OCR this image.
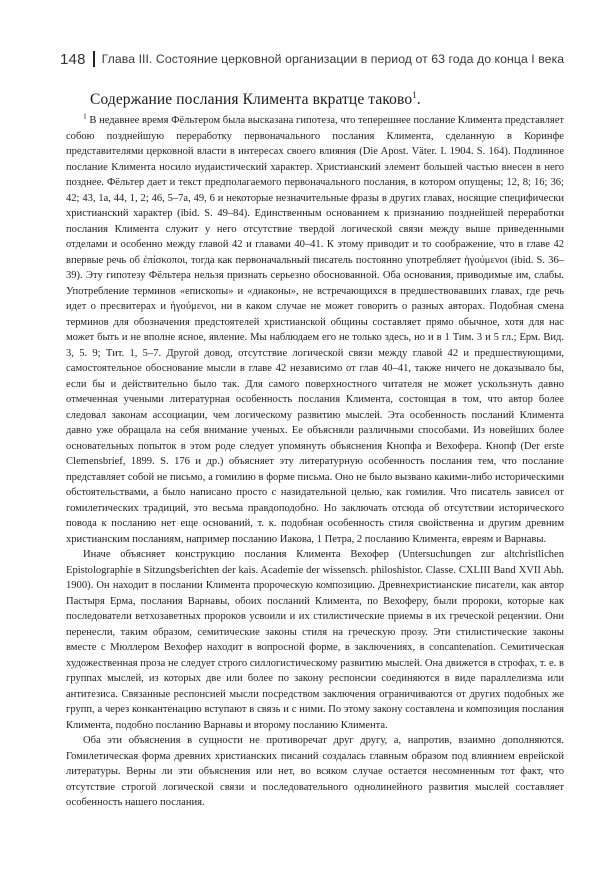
148 Глава III. Состояние церковной организации в период от 63 года до конца I века

Содержание послания Климента вкратце таково$^1$.

$^1$ В недавнее время Фёльтером была высказана гипотеза, что теперешнее послание Климента представляет собою позднейшую переработку первоначального послания Климента, сделанную в Коринфе представителями церковной власти в интересах своего влияния (Die Apost. Väter. I. 1904. S. 164). Подлинное послание Климента носило иудаистический характер. Христианский элемент большей частью внесен в него позднее. Фёльтер дает и текст предполагаемого первоначального послания, в котором опущены; 12, 8; 16; 36; 42; 43, 1а, 44, 1, 2; 46, 5–7а, 49, 6 и некоторые незначительные фразы в других главах, носящие специфически христианский характер (ibid. S. 49–84). Единственным основанием к признанию позднейшей переработки послания Климента служит у него отсутствие твердой логической связи между выше приведенными отделами и особенно между главой 42 и главами 40–41. К этому приводит и то соображение, что в главе 42 впервые речь об ἐπίσκοποι, тогда как первоначальный писатель постоянно употребляет ἡγούμενοι (ibid. S. 36–39). Эту гипотезу Фёльтера нельзя признать серьезно обоснованной. Оба основания, приводимые им, слабы. Употребление терминов «епископы» и «диаконы», не встречающихся в предшествовавших главах, где речь идет о пресвитерах и ἡγούμενοι, ни в каком случае не может говорить о разных авторах. Подобная смена терминов для обозначения предстоятелей христианской общины составляет прямо обычное, хотя для нас может быть и не вполне ясное, явление. Мы наблюдаем его не только здесь, но и в 1 Тим. 3 и 5 гл.; Ерм. Вид. 3, 5. 9; Тит. 1, 5–7. Другой довод, отсутствие логической связи между главой 42 и предшествующими, самостоятельное обоснование мысли в главе 42 независимо от глав 40–41, также ничего не доказывало бы, если бы и действительно было так. Для самого поверхностного читателя не может ускользнуть давно отмеченная учеными литературная особенность послания Климента, состоящая в том, что автор более следовал законам ассоциации, чем логическому развитию мыслей. Эта особенность посланий Климента давно уже обращала на себя внимание ученых. Ее объясняли различными способами. Из новейших более основательных попыток в этом роде следует упомянуть объяснения Кнопфа и Вехофера. Кнопф (Der erste Clemensbrief, 1899. S. 176 и др.) объясняет эту литературную особенность послания тем, что послание представляет собой не письмо, а гомилию в форме письма. Оно не было вызвано какими-либо историческими обстоятельствами, а было написано просто с назидательной целью, как гомилия. Что писатель зависел от гомилетических традиций, это весьма правдоподобно. Но заключать отсюда об отсутствии исторического повода к посланию нет еще оснований, т. к. подобная особенность стиля свойственна и другим древним христианским посланиям, например посланию Иакова, 1 Петра, 2 посланию Климента, евреям и Варнавы.

Иначе объясняет конструкцию послания Климента Вехофер (Untersuchungen zur altchristlichen Epistolographie в Sitzungsberichten der kais. Academie der wissensch. philoshistor. Classe. CXLIII Band XVII Abh. 1900). Он находит в послании Климента пророческую композицию. Древнехристианские писатели, как автор Пастыря Ерма, послания Варнавы, обоих посланий Климента, по Вехоферу, были пророки, которые как последователи ветхозаветных пророков усвоили и их стилистические приемы в их греческой рецензии. Они перенесли, таким образом, семитические законы стиля на греческую прозу. Эти стилистические законы вместе с Мюллером Вехофер находит в вопросной форме, в заключениях, в concantenation. Семитическая художественная проза не следует строго силлогистическому развитию мыслей. Она движется в строфах, т. е. в группах мыслей, из которых две или более по закону респонсии соединяются в виде параллелизма или антитезиса. Связанные респонсией мысли посредством заключения ограничиваются от других подобных же групп, а через конкантенацию вступают в связь и с ними. По этому закону составлена и композиция послания Климента, подобно посланию Варнавы и второму посланию Климента.

Оба эти объяснения в сущности не противоречат друг другу, а, напротив, взаимно дополняются. Гомилетическая форма древних христианских писаний создалась главным образом под влиянием еврейской литературы. Верны ли эти объяснения или нет, во всяком случае остается несомненным тот факт, что отсутствие строгой логической связи и последовательного однолинейного развития мыслей составляет особенность нашего послания.
